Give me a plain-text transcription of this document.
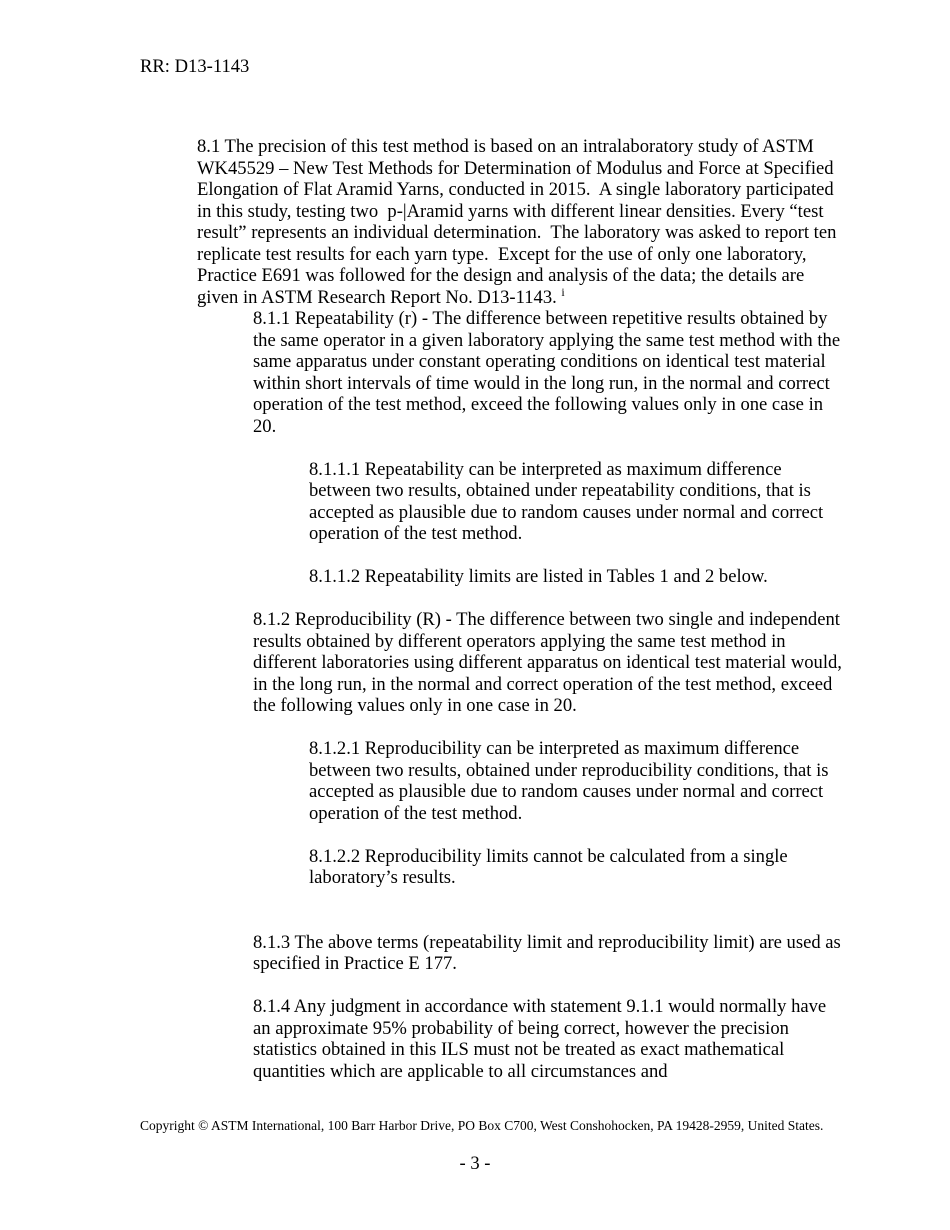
RR: D13-1143

8.1 The precision of this test method is based on an intralaboratory study of ASTM WK45529 – New Test Methods for Determination of Modulus and Force at Specified Elongation of Flat Aramid Yarns, conducted in 2015.  A single laboratory participated in this study, testing two  p-|Aramid yarns with different linear densities. Every “test result” represents an individual determination.  The laboratory was asked to report ten replicate test results for each yarn type.  Except for the use of only one laboratory, Practice E691 was followed for the design and analysis of the data; the details are given in ASTM Research Report No. D13-1143. $^i$

8.1.1 Repeatability (r) - The difference between repetitive results obtained by the same operator in a given laboratory applying the same test method with the same apparatus under constant operating conditions on identical test material within short intervals of time would in the long run, in the normal and correct operation of the test method, exceed the following values only in one case in 20.

8.1.1.1 Repeatability can be interpreted as maximum difference between two results, obtained under repeatability conditions, that is accepted as plausible due to random causes under normal and correct operation of the test method.

8.1.1.2 Repeatability limits are listed in Tables 1 and 2 below.

8.1.2 Reproducibility (R) - The difference between two single and independent results obtained by different operators applying the same test method in different laboratories using different apparatus on identical test material would, in the long run, in the normal and correct operation of the test method, exceed the following values only in one case in 20.

8.1.2.1 Reproducibility can be interpreted as maximum difference between two results, obtained under reproducibility conditions, that is accepted as plausible due to random causes under normal and correct operation of the test method.

8.1.2.2 Reproducibility limits cannot be calculated from a single laboratory’s results.

8.1.3 The above terms (repeatability limit and reproducibility limit) are used as specified in Practice E 177.

8.1.4 Any judgment in accordance with statement 9.1.1 would normally have an approximate 95% probability of being correct, however the precision statistics obtained in this ILS must not be treated as exact mathematical quantities which are applicable to all circumstances and

Copyright © ASTM International, 100 Barr Harbor Drive, PO Box C700, West Conshohocken, PA 19428-2959, United States.
- 3 -
